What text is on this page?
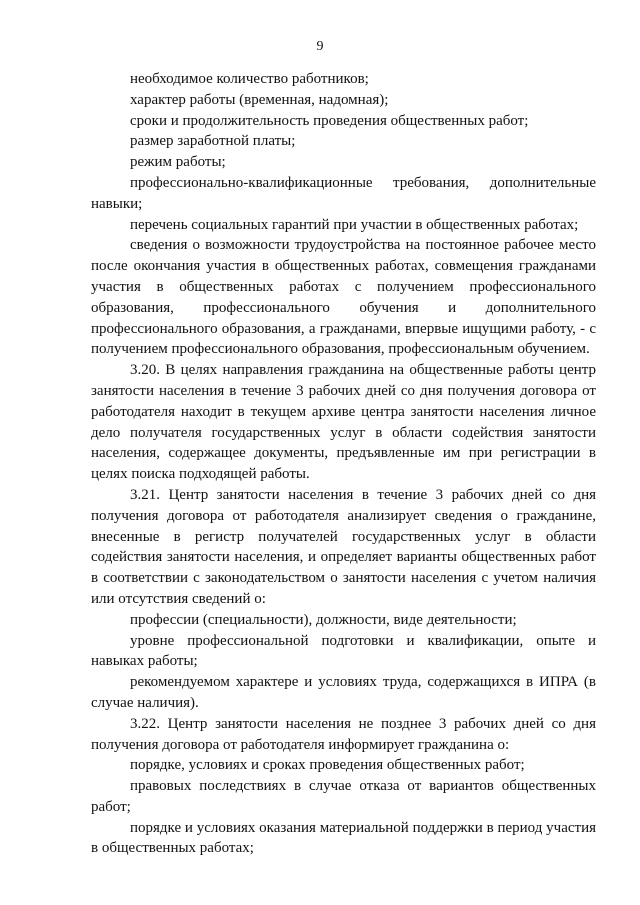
9

необходимое количество работников;

характер работы (временная, надомная);

сроки и продолжительность проведения общественных работ;

размер заработной платы;

режим работы;

профессионально-квалификационные требования, дополнительные навыки;

перечень социальных гарантий при участии в общественных работах;

сведения о возможности трудоустройства на постоянное рабочее место после окончания участия в общественных работах, совмещения гражданами участия в общественных работах с получением профессионального образования, профессионального обучения и дополнительного профессионального образования, а гражданами, впервые ищущими работу, - с получением профессионального образования, профессиональным обучением.

3.20. В целях направления гражданина на общественные работы центр занятости населения в течение 3 рабочих дней со дня получения договора от работодателя находит в текущем архиве центра занятости населения личное дело получателя государственных услуг в области содействия занятости населения, содержащее документы, предъявленные им при регистрации в целях поиска подходящей работы.

3.21. Центр занятости населения в течение 3 рабочих дней со дня получения договора от работодателя анализирует сведения о гражданине, внесенные в регистр получателей государственных услуг в области содействия занятости населения, и определяет варианты общественных работ в соответствии с законодательством о занятости населения с учетом наличия или отсутствия сведений о:

профессии (специальности), должности, виде деятельности;

уровне профессиональной подготовки и квалификации, опыте и навыках работы;

рекомендуемом характере и условиях труда, содержащихся в ИПРА (в случае наличия).

3.22. Центр занятости населения не позднее 3 рабочих дней со дня получения договора от работодателя информирует гражданина о:

порядке, условиях и сроках проведения общественных работ;

правовых последствиях в случае отказа от вариантов общественных работ;

порядке и условиях оказания материальной поддержки в период участия в общественных работах;
